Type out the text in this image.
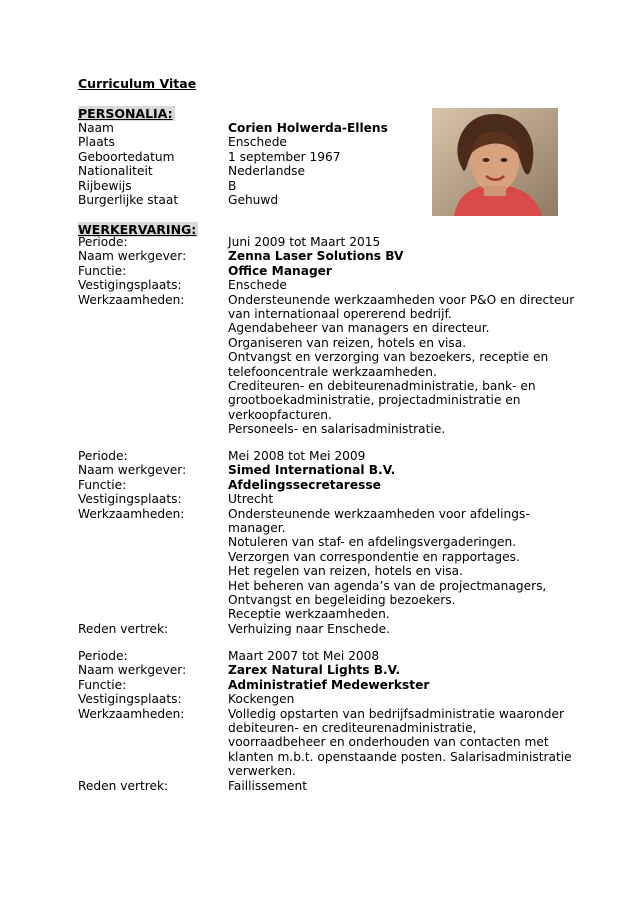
Curriculum Vitae
PERSONALIA:
Naam	Corien Holwerda-Ellens
Plaats	Enschede
Geboortedatum	1 september 1967
Nationaliteit	Nederlandse
Rijbewijs	B
Burgerlijke staat	Gehuwd
WERKERVARING:
Periode:	Juni 2009 tot Maart 2015
Naam werkgever:	Zenna Laser Solutions BV
Functie:	Office Manager
Vestigingsplaats:	Enschede
Werkzaamheden:	Ondersteunende werkzaamheden voor P&O en directeur
van internationaal opererend bedrijf.
Agendabeheer van managers en directeur.
Organiseren van reizen, hotels en visa.
Ontvangst en verzorging van bezoekers, receptie en
telefooncentrale werkzaamheden.
Crediteuren- en debiteurenadministratie, bank- en
grootboekadministratie, projectadministratie en
verkoopfacturen.
Personeels- en salarisadministratie.
Periode:	Mei 2008 tot Mei 2009
Naam werkgever:	Simed International B.V.
Functie:	Afdelingssecretaresse
Vestigingsplaats:	Utrecht
Werkzaamheden:	Ondersteunende werkzaamheden voor afdelings-
manager.
Notuleren van staf- en afdelingsvergaderingen.
Verzorgen van correspondentie en rapportages.
Het regelen van reizen, hotels en visa.
Het beheren van agenda’s van de projectmanagers,
Ontvangst en begeleiding bezoekers.
Receptie werkzaamheden.
Reden vertrek:	Verhuizing naar Enschede.
Periode:	Maart 2007 tot Mei 2008
Naam werkgever:	Zarex Natural Lights B.V.
Functie:	Administratief Medewerkster
Vestigingsplaats:	Kockengen
Werkzaamheden:	Volledig opstarten van bedrijfsadministratie waaronder
debiteuren- en crediteurenadministratie,
voorraadbeheer en onderhouden van contacten met
klanten m.b.t. openstaande posten. Salarisadministratie
verwerken.
Reden vertrek:	Faillissement
